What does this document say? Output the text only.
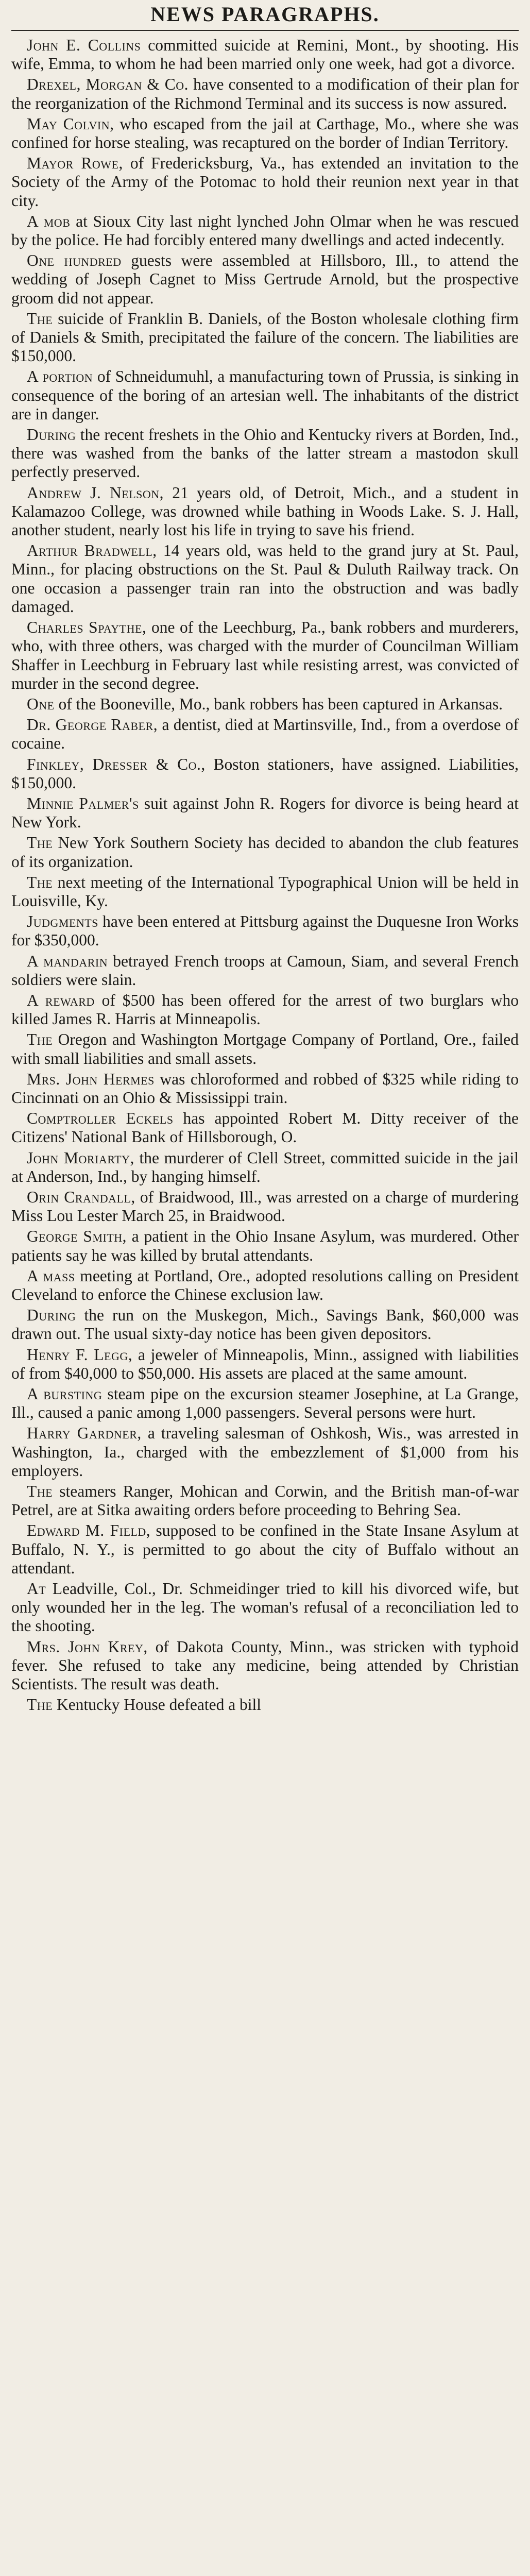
NEWS PARAGRAPHS.

John E. Collins committed suicide at Remini, Mont., by shooting. His wife, Emma, to whom he had been married only one week, had got a divorce.

Drexel, Morgan & Co. have consented to a modification of their plan for the reorganization of the Richmond Terminal and its success is now assured.

May Colvin, who escaped from the jail at Carthage, Mo., where she was confined for horse stealing, was recaptured on the border of Indian Territory.

Mayor Rowe, of Fredericksburg, Va., has extended an invitation to the Society of the Army of the Potomac to hold their reunion next year in that city.

A mob at Sioux City last night lynched John Olmar when he was rescued by the police. He had forcibly entered many dwellings and acted indecently.

One hundred guests were assembled at Hillsboro, Ill., to attend the wedding of Joseph Cagnet to Miss Gertrude Arnold, but the prospective groom did not appear.

The suicide of Franklin B. Daniels, of the Boston wholesale clothing firm of Daniels & Smith, precipitated the failure of the concern. The liabilities are $150,000.

A portion of Schneidumuhl, a manufacturing town of Prussia, is sinking in consequence of the boring of an artesian well. The inhabitants of the district are in danger.

During the recent freshets in the Ohio and Kentucky rivers at Borden, Ind., there was washed from the banks of the latter stream a mastodon skull perfectly preserved.

Andrew J. Nelson, 21 years old, of Detroit, Mich., and a student in Kalamazoo College, was drowned while bathing in Woods Lake. S. J. Hall, another student, nearly lost his life in trying to save his friend.

Arthur Bradwell, 14 years old, was held to the grand jury at St. Paul, Minn., for placing obstructions on the St. Paul & Duluth Railway track. On one occasion a passenger train ran into the obstruction and was badly damaged.

Charles Spaythe, one of the Leechburg, Pa., bank robbers and murderers, who, with three others, was charged with the murder of Councilman William Shaffer in Leechburg in February last while resisting arrest, was convicted of murder in the second degree.

One of the Booneville, Mo., bank robbers has been captured in Arkansas.

Dr. George Raber, a dentist, died at Martinsville, Ind., from a overdose of cocaine.

Finkley, Dresser & Co., Boston stationers, have assigned. Liabilities, $150,000.

Minnie Palmer's suit against John R. Rogers for divorce is being heard at New York.

The New York Southern Society has decided to abandon the club features of its organization.

The next meeting of the International Typographical Union will be held in Louisville, Ky.

Judgments have been entered at Pittsburg against the Duquesne Iron Works for $350,000.

A mandarin betrayed French troops at Camoun, Siam, and several French soldiers were slain.

A reward of $500 has been offered for the arrest of two burglars who killed James R. Harris at Minneapolis.

The Oregon and Washington Mortgage Company of Portland, Ore., failed with small liabilities and small assets.

Mrs. John Hermes was chloroformed and robbed of $325 while riding to Cincinnati on an Ohio & Mississippi train.

Comptroller Eckels has appointed Robert M. Ditty receiver of the Citizens' National Bank of Hillsborough, O.

John Moriarty, the murderer of Clell Street, committed suicide in the jail at Anderson, Ind., by hanging himself.

Orin Crandall, of Braidwood, Ill., was arrested on a charge of murdering Miss Lou Lester March 25, in Braidwood.

George Smith, a patient in the Ohio Insane Asylum, was murdered. Other patients say he was killed by brutal attendants.

A mass meeting at Portland, Ore., adopted resolutions calling on President Cleveland to enforce the Chinese exclusion law.

During the run on the Muskegon, Mich., Savings Bank, $60,000 was drawn out. The usual sixty-day notice has been given depositors.

Henry F. Legg, a jeweler of Minneapolis, Minn., assigned with liabilities of from $40,000 to $50,000. His assets are placed at the same amount.

A bursting steam pipe on the excursion steamer Josephine, at La Grange, Ill., caused a panic among 1,000 passengers. Several persons were hurt.

Harry Gardner, a traveling salesman of Oshkosh, Wis., was arrested in Washington, Ia., charged with the embezzlement of $1,000 from his employers.

The steamers Ranger, Mohican and Corwin, and the British man-of-war Petrel, are at Sitka awaiting orders before proceeding to Behring Sea.

Edward M. Field, supposed to be confined in the State Insane Asylum at Buffalo, N. Y., is permitted to go about the city of Buffalo without an attendant.

At Leadville, Col., Dr. Schmeidinger tried to kill his divorced wife, but only wounded her in the leg. The woman's refusal of a reconciliation led to the shooting.

Mrs. John Krey, of Dakota County, Minn., was stricken with typhoid fever. She refused to take any medicine, being attended by Christian Scientists. The result was death.

The Kentucky House defeated a bill
